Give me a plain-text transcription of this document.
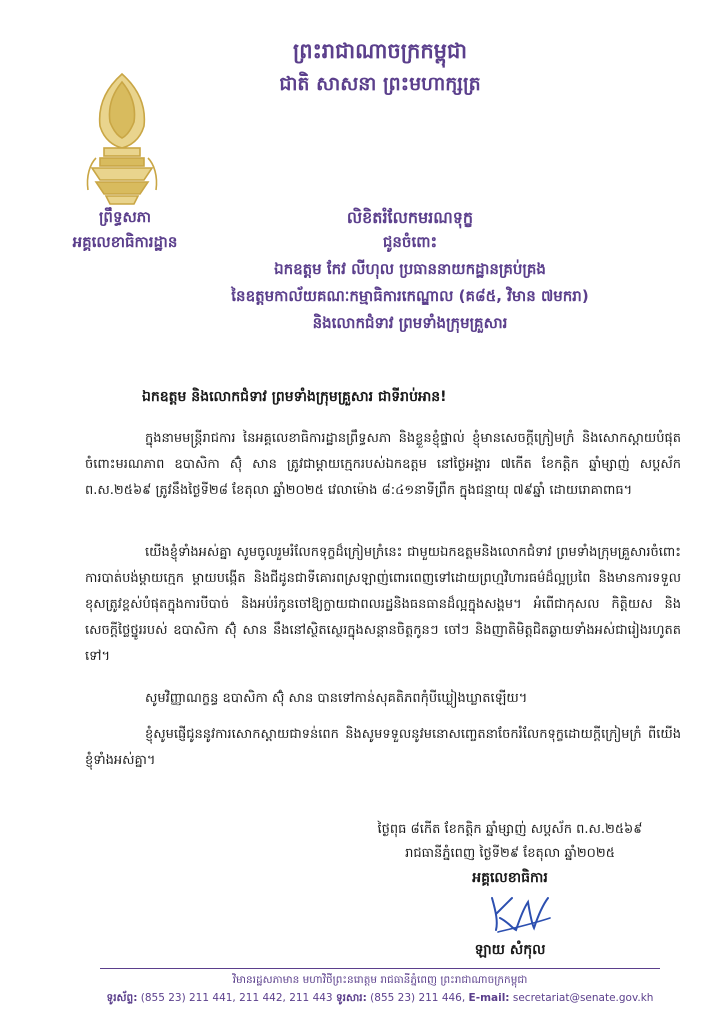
ព្រះរាជាណាចក្រកម្ពុជា
ជាតិ សាសនា ព្រះមហាក្សត្រ
ព្រឹទ្ធសភា
អគ្គលេខាធិការដ្ឋាន
លិខិតរំលែកមរណទុក្ខ
ជូនចំពោះ
ឯកឧត្តម កែវ លីហុល ប្រធាននាយកដ្ឋានគ្រប់គ្រង
នៃឧត្តមកាល័យគណៈកម្មាធិការកេណ្ឌាល (គ៨៥, វិមាន ៧មករា)
និងលោកជំទាវ ព្រមទាំងក្រុមគ្រួសារ
ឯកឧត្តម និងលោកជំទាវ ព្រមទាំងក្រុមគ្រួសារ ជាទីរាប់អាន!
ក្នុងនាមមន្ត្រីរាជការ នៃអគ្គលេខាធិការដ្ឋានព្រឹទ្ធសភា និងខ្លួនខ្ញុំផ្ទាល់ ខ្ញុំមានសេចក្តីក្រៀមក្រំ និងសោកស្តាយបំផុតចំពោះមរណភាព ឧបាសិកា ស៊ុំ សាន ត្រូវជាម្តាយក្មេករបស់ឯកឧត្តម នៅថ្ងៃអង្គារ ៧កើត ខែកត្តិក ឆ្នាំម្សាញ់ សប្តស័ក ព.ស.២៥៦៩ ត្រូវនឹងថ្ងៃទី២៨ ខែតុលា ឆ្នាំ២០២៥ វេលាម៉ោង ៨:៤១នាទីព្រឹក ក្នុងជន្មាយុ ៧៩ឆ្នាំ ដោយរោគាពាធ។
យើងខ្ញុំទាំងអស់គ្នា សូមចូលរួមរំលែកទុក្ខដ៏ក្រៀមក្រំនេះ ជាមួយឯកឧត្តមនិងលោកជំទាវ ព្រមទាំងក្រុមគ្រួសារចំពោះការបាត់បង់ម្តាយក្មេក ម្តាយបង្កើត និងជីដូនជាទីគោរពស្រឡាញ់ពោរពេញទៅដោយព្រហ្មវិហារធម៌ដ៏ល្អប្រពៃ និងមានការទទួលខុសត្រូវខ្ពស់បំផុតក្នុងការបីបាច់ និងអប់រំកូនចៅឱ្យក្លាយជាពលរដ្ឋនិងធនធានដ៏ល្អក្នុងសង្គម។ អំពើជាកុសល កិត្តិយស និងសេចក្តីថ្លៃថ្នូររបស់ ឧបាសិកា ស៊ុំ សាន នឹងនៅស្ថិតស្ថេរក្នុងសន្តានចិត្តកូនៗ ចៅៗ និងញាតិមិត្តជិតឆ្ងាយទាំងអស់ជារៀងរហូតតទៅ។
សូមវិញ្ញាណក្ខន្ធ ឧបាសិកា ស៊ុំ សាន បានទៅកាន់សុគតិភពកុំបីឃ្លៀងឃ្លាតឡើយ។
ខ្ញុំសូមផ្ញើជូននូវការសោកស្តាយជាទន់ពេក និងសូមទទួលនូវមនោសញ្ចេតនាចែករំលែកទុក្ខដោយក្តីក្រៀមក្រំ ពីយើងខ្ញុំទាំងអស់គ្នា។
ថ្ងៃពុធ ៨កើត ខែកត្តិក ឆ្នាំម្សាញ់ សប្តស័ក ព.ស.២៥៦៩
រាជធានីភ្នំពេញ ថ្ងៃទី២៩ ខែតុលា ឆ្នាំ២០២៥
អគ្គលេខាធិការ
ឡាយ សំកុល
វិមានរដ្ឋសភាមាន មហាវិថីព្រះនរោត្តម រាជធានីភ្នំពេញ ព្រះរាជាណាចក្រកម្ពុជា
ទូរស័ព្ទ: (855 23) 211 441, 211 442, 211 443 ទូរសារ: (855 23) 211 446, E-mail: secretariat@senate.gov.kh
